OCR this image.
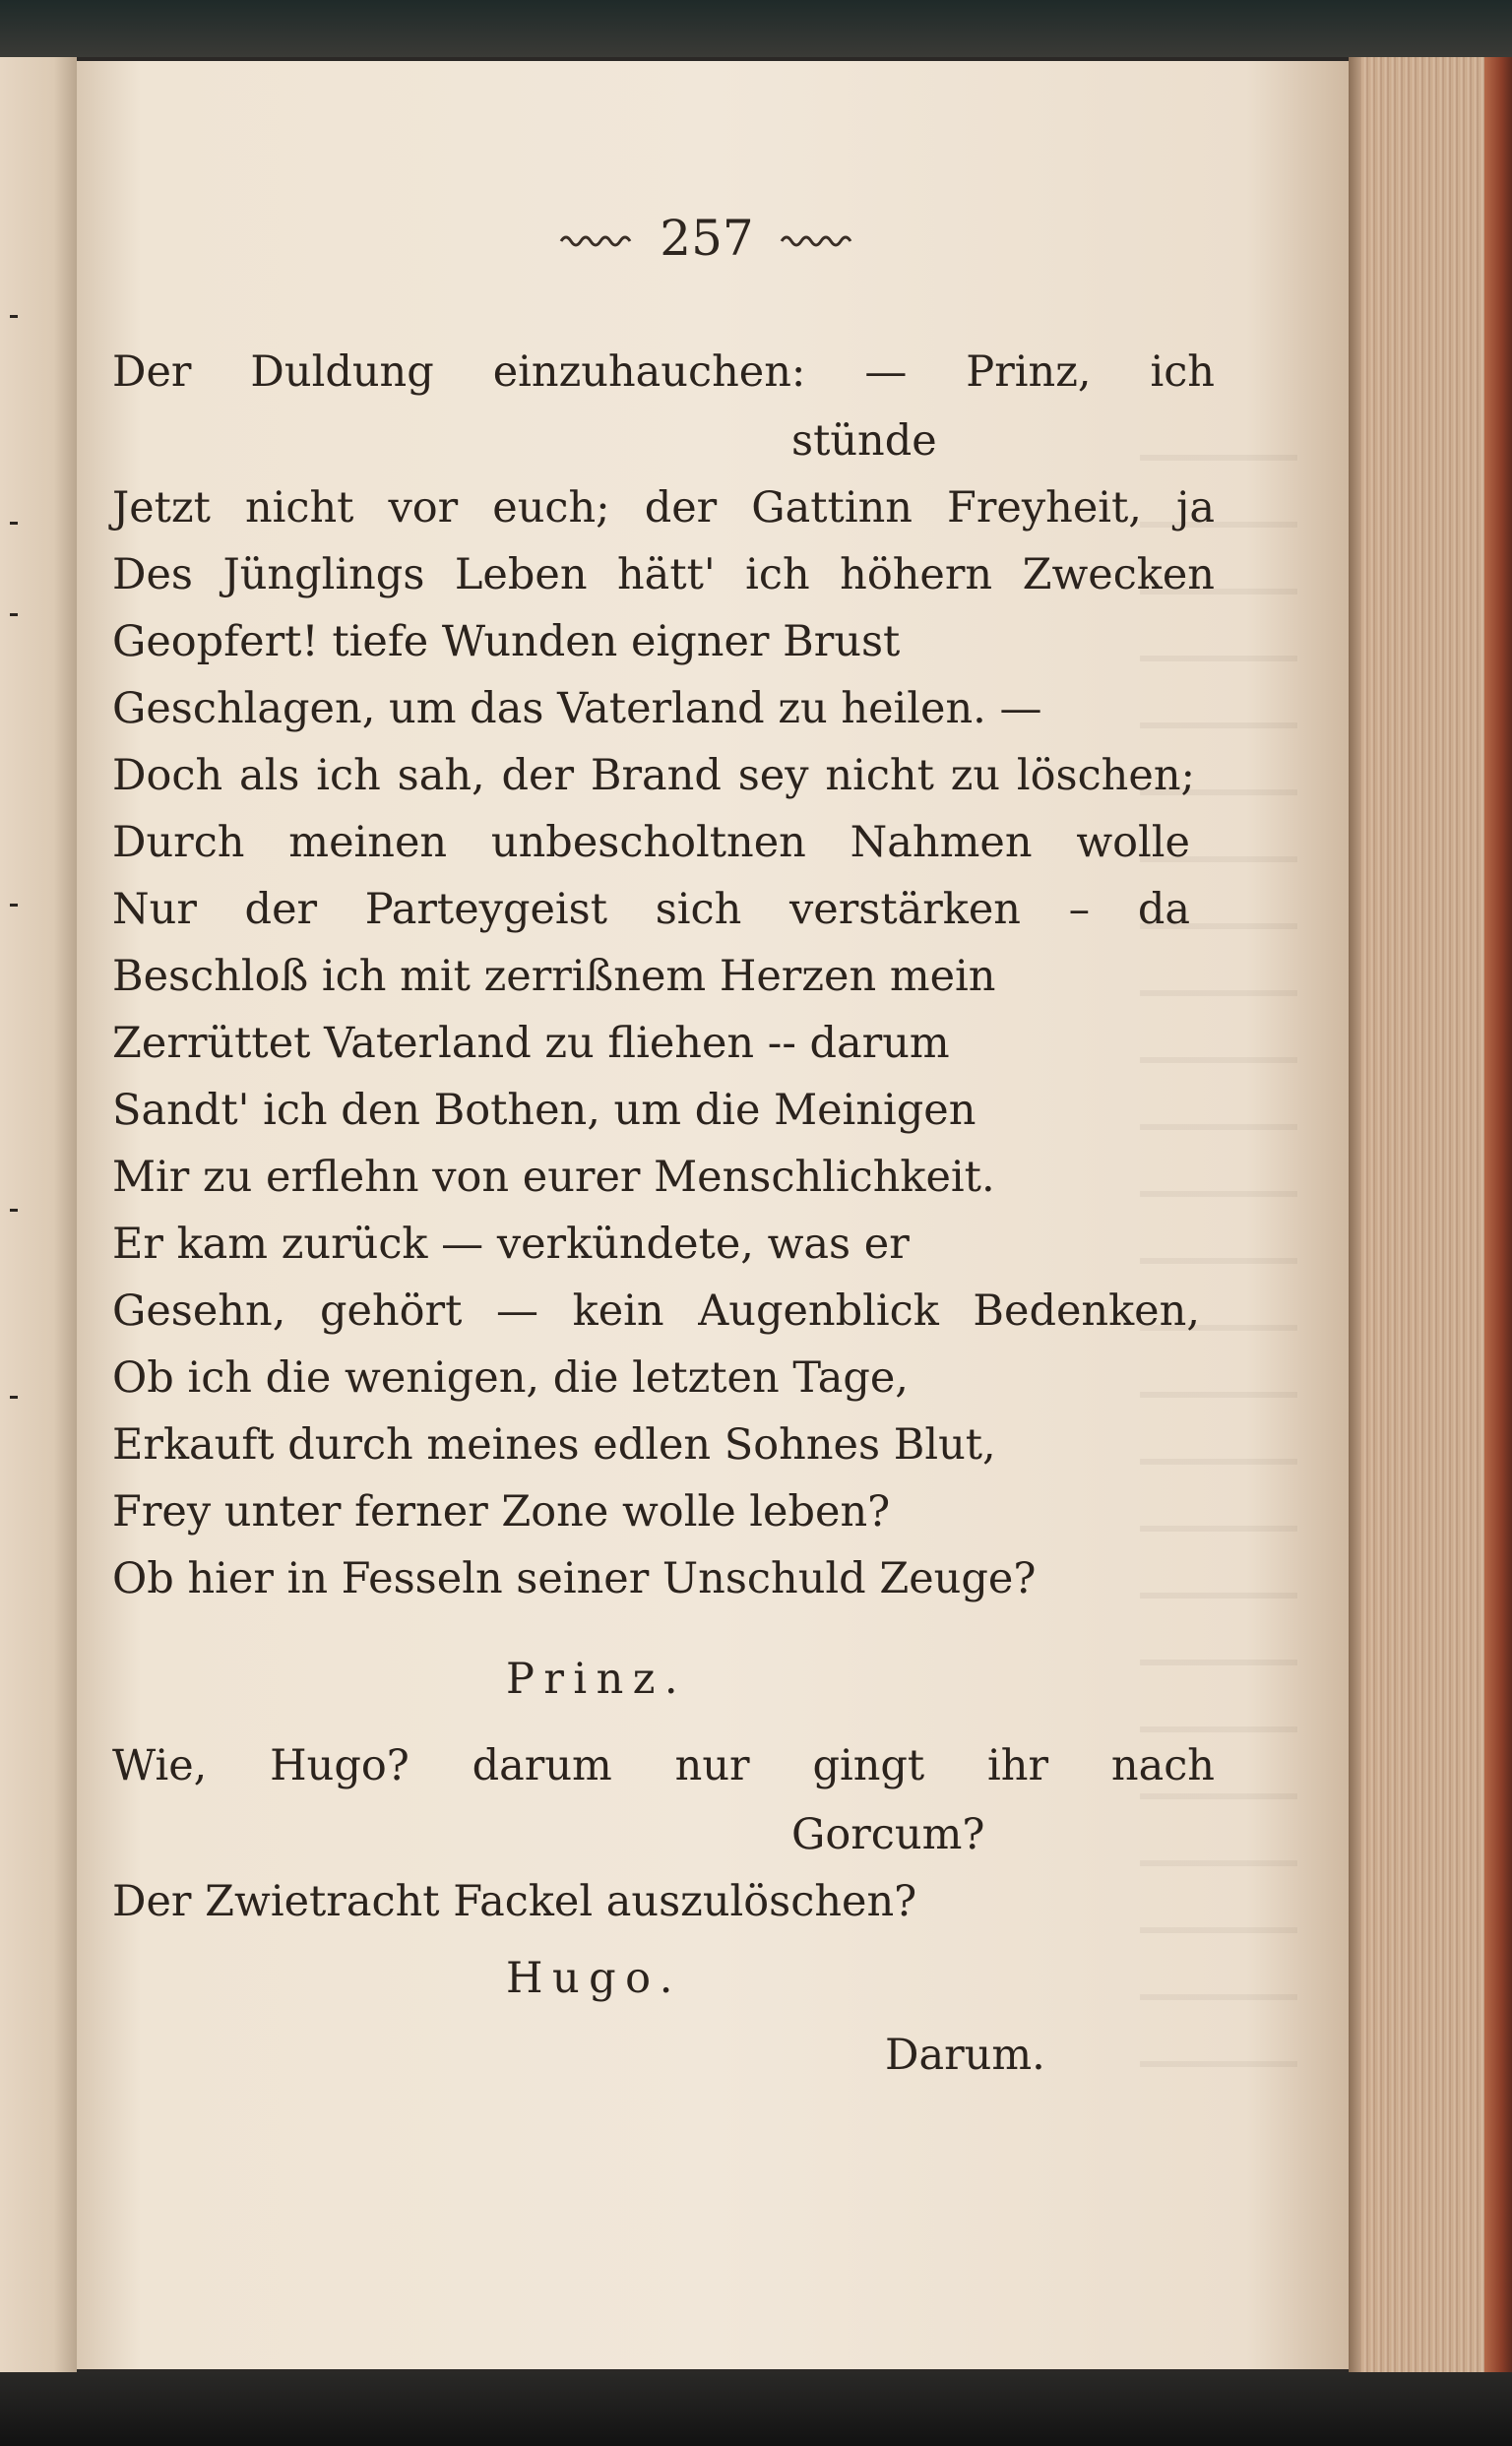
257
Der Duldung einzuhauchen: — Prinz, ich
stünde
Jetzt nicht vor euch; der Gattinn Freyheit, ja
Des Jünglings Leben hätt' ich höhern Zwecken
Geopfert! tiefe Wunden eigner Brust
Geschlagen, um das Vaterland zu heilen. —
Doch als ich sah, der Brand sey nicht zu löschen;
Durch meinen unbescholtnen Nahmen wolle
Nur der Parteygeist sich verstärken – da
Beschloß ich mit zerrißnem Herzen mein
Zerrüttet Vaterland zu fliehen -- darum
Sandt' ich den Bothen, um die Meinigen
Mir zu erflehn von eurer Menschlichkeit.
Er kam zurück — verkündete, was er
Gesehn, gehört — kein Augenblick Bedenken,
Ob ich die wenigen, die letzten Tage,
Erkauft durch meines edlen Sohnes Blut,
Frey unter ferner Zone wolle leben?
Ob hier in Fesseln seiner Unschuld Zeuge?
Prinz.
Wie, Hugo? darum nur gingt ihr nach
Gorcum?
Der Zwietracht Fackel auszulöschen?
Hugo.
Darum.
